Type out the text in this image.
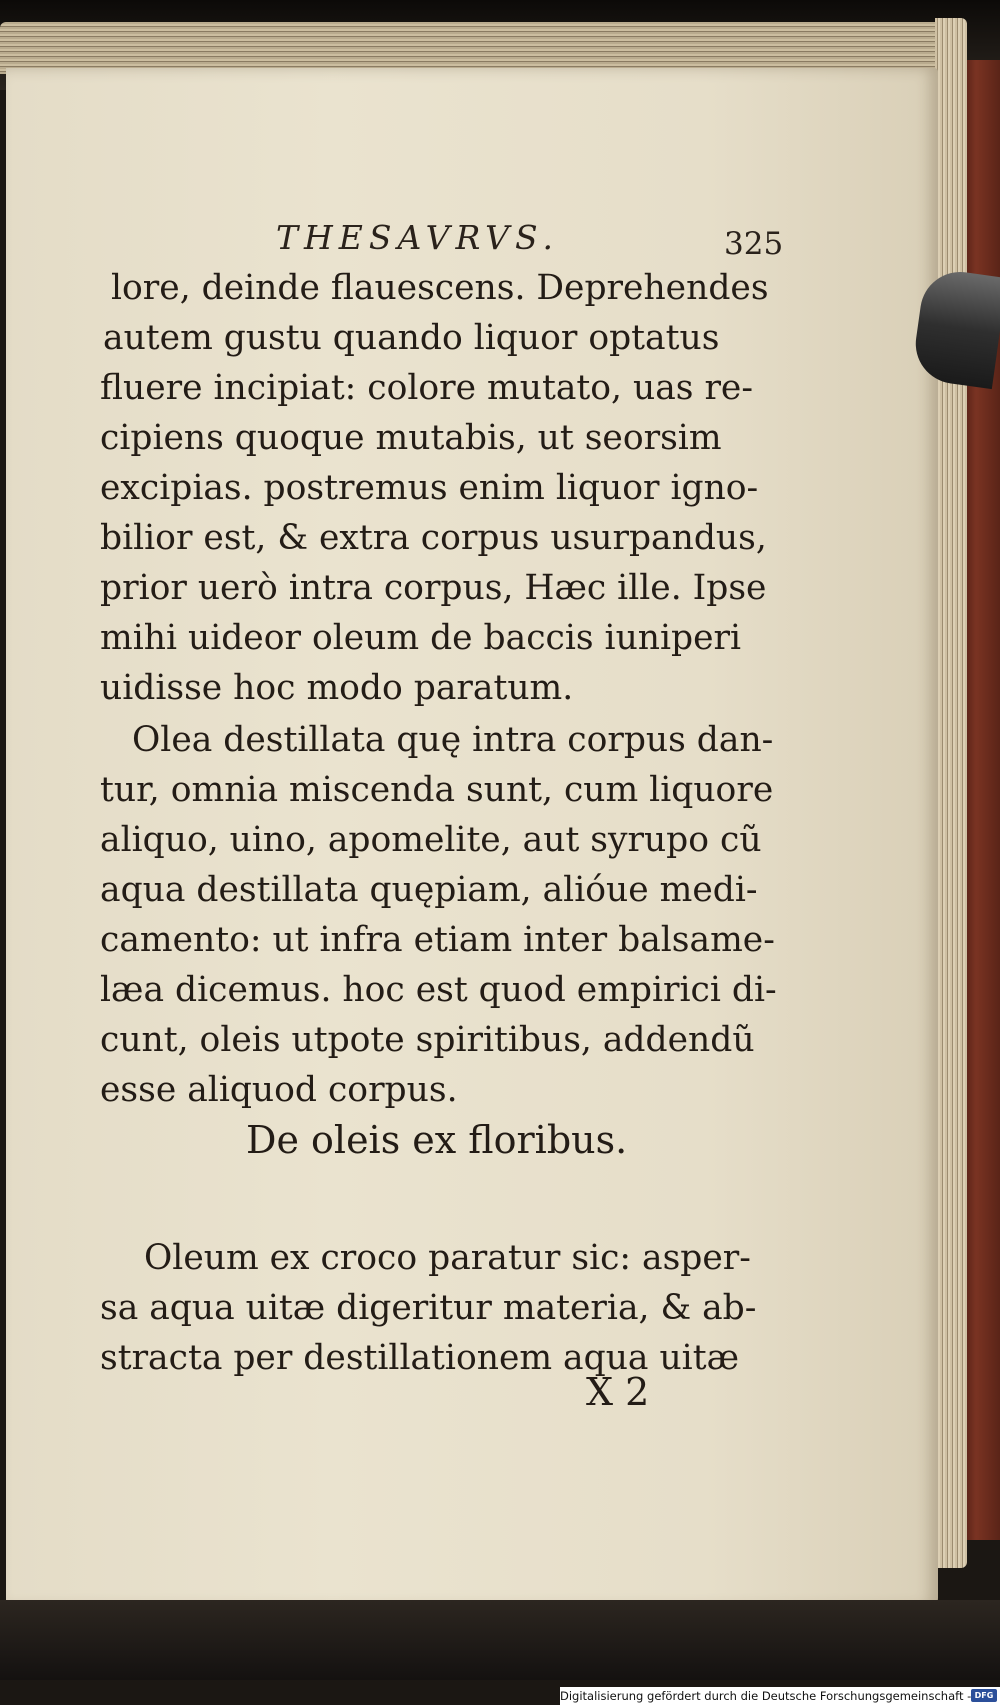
THESAVRVS.	325
lore, deinde flauescens. Deprehendes
autem gustu quando liquor optatus
fluere incipiat: colore mutato, uas re-
cipiens quoque mutabis, ut seorsim
excipias. postremus enim liquor igno-
bilior est, & extra corpus usurpandus,
prior uerò intra corpus, Hæc ille. Ipse
mihi uideor oleum de baccis iuniperi
uidisse hoc modo paratum.
Olea destillata quę intra corpus dan-
tur, omnia miscenda sunt, cum liquore
aliquo, uino, apomelite, aut syrupo cũ
aqua destillata quępiam, alióue medi-
camento: ut infra etiam inter balsame-
læa dicemus. hoc est quod empirici di-
cunt, oleis utpote spiritibus, addendũ
esse aliquod corpus.
De oleis ex floribus.
Oleum ex croco paratur sic: asper-
sa aqua uitæ digeritur materia, & ab-
stracta per destillationem aqua uitæ
X 2
Digitalisierung gefördert durch die Deutsche Forschungsgemeinschaft - DFG
